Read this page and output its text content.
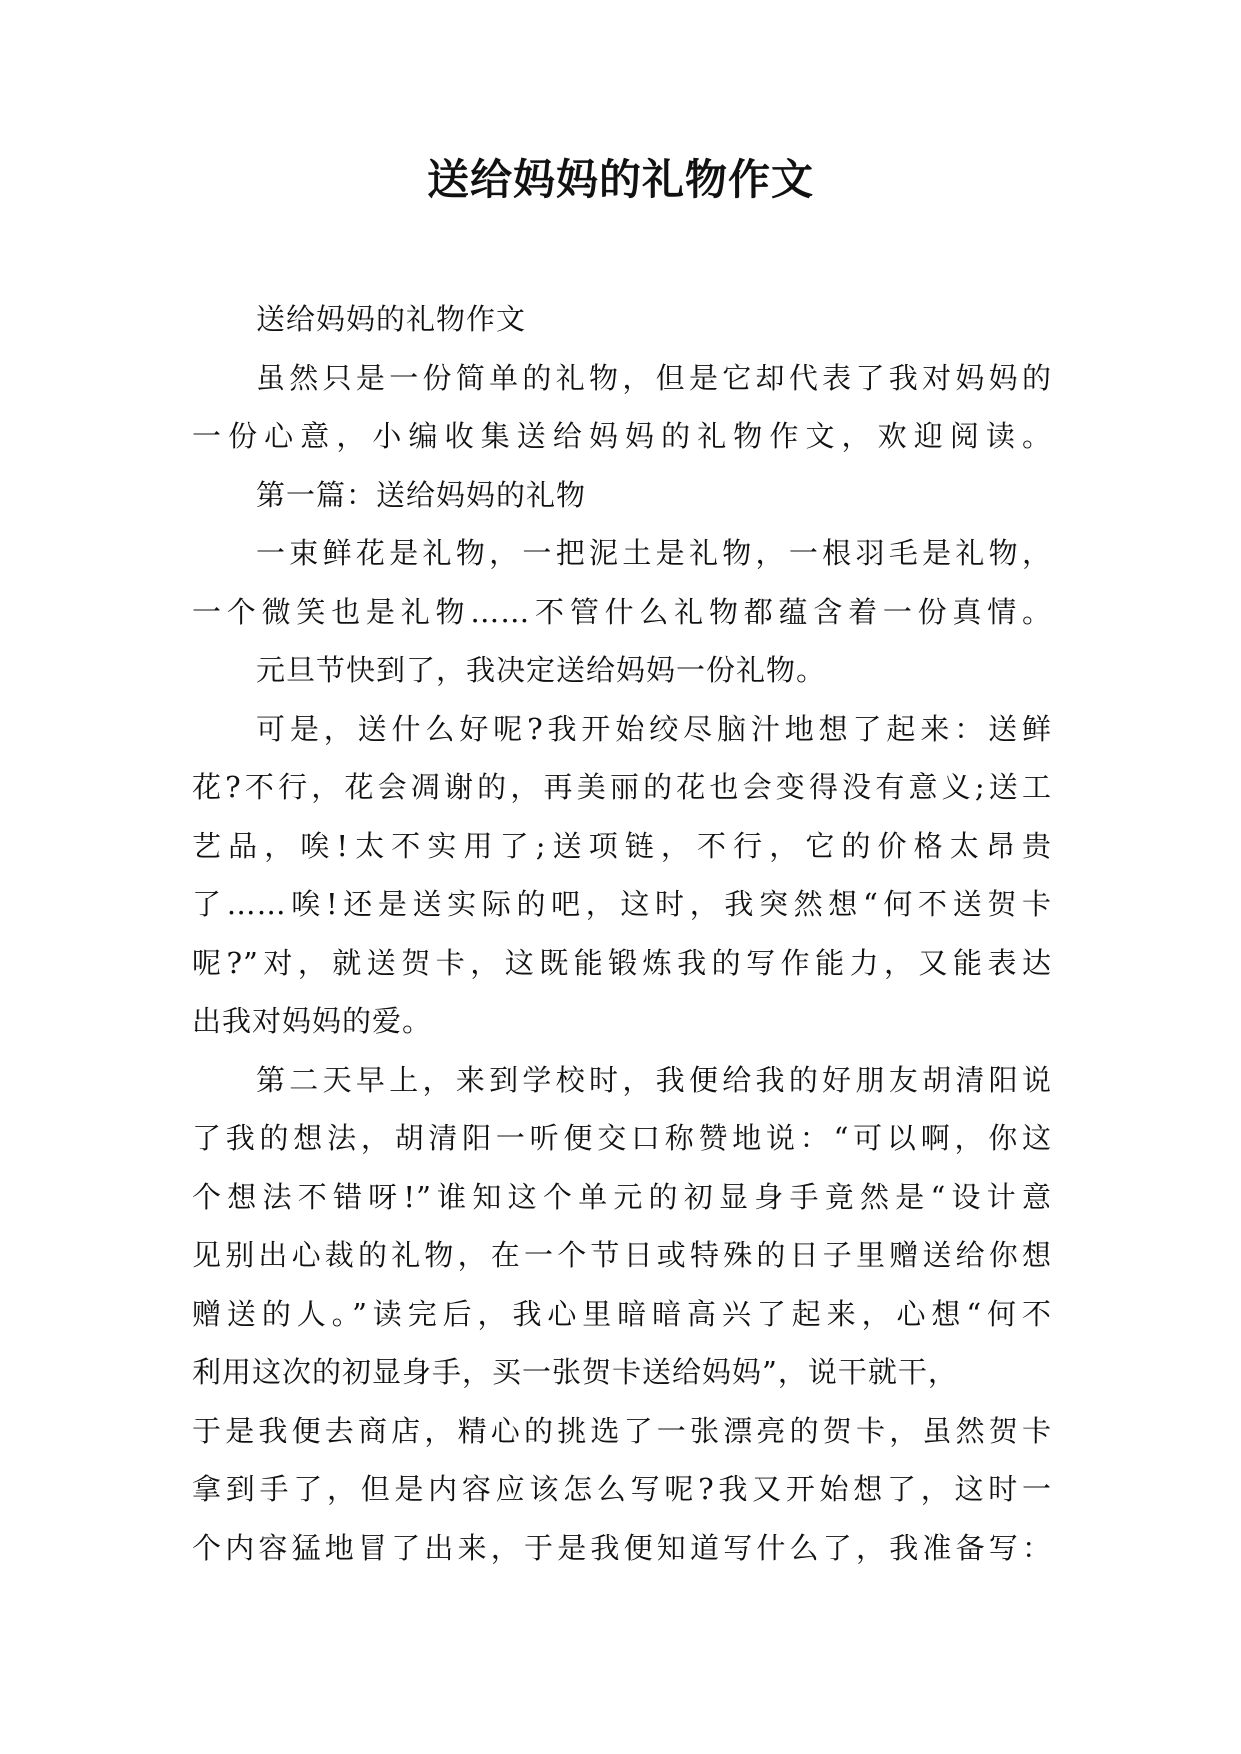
送给妈妈的礼物作文
送给妈妈的礼物作文
虽然只是一份简单的礼物，但是它却代表了我对妈妈的
一份心意，小编收集送给妈妈的礼物作文，欢迎阅读。
第一篇：送给妈妈的礼物
一束鲜花是礼物，一把泥土是礼物，一根羽毛是礼物，
一个微笑也是礼物……不管什么礼物都蕴含着一份真情。
元旦节快到了，我决定送给妈妈一份礼物。
可是，送什么好呢?我开始绞尽脑汁地想了起来：送鲜
花?不行，花会凋谢的，再美丽的花也会变得没有意义;送工
艺品，唉!太不实用了;送项链，不行，它的价格太昂贵
了……唉!还是送实际的吧，这时，我突然想“何不送贺卡
呢?”对，就送贺卡，这既能锻炼我的写作能力，又能表达
出我对妈妈的爱。
第二天早上，来到学校时，我便给我的好朋友胡清阳说
了我的想法，胡清阳一听便交口称赞地说：“可以啊，你这
个想法不错呀!”谁知这个单元的初显身手竟然是“设计意
见别出心裁的礼物，在一个节日或特殊的日子里赠送给你想
赠送的人。”读完后，我心里暗暗高兴了起来，心想“何不
利用这次的初显身手，买一张贺卡送给妈妈”，说干就干，
于是我便去商店，精心的挑选了一张漂亮的贺卡，虽然贺卡
拿到手了，但是内容应该怎么写呢?我又开始想了，这时一
个内容猛地冒了出来，于是我便知道写什么了，我准备写：
